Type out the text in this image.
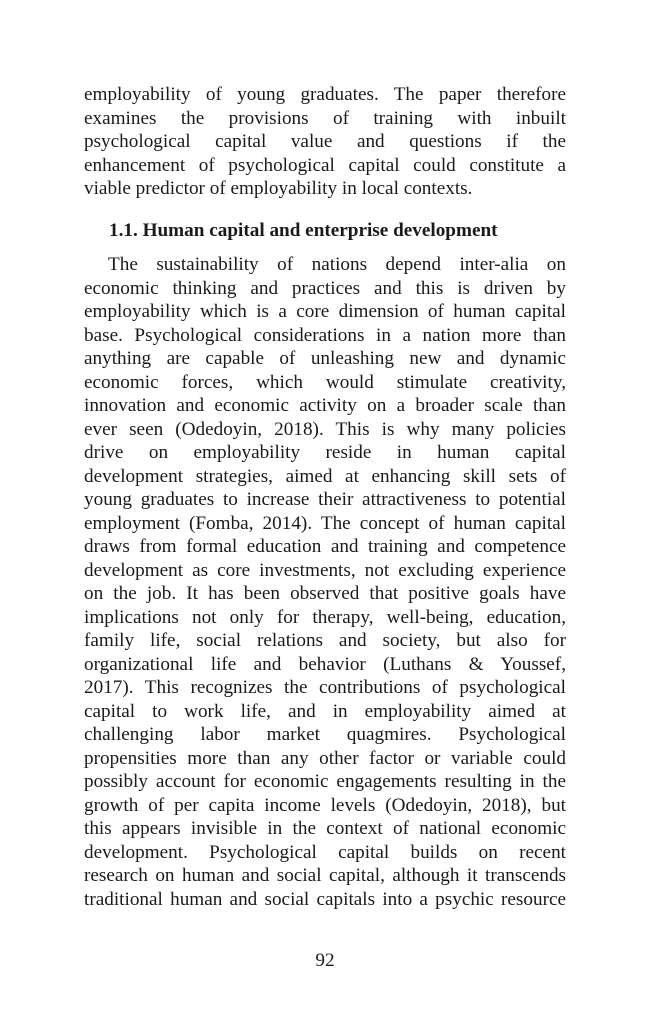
employability of young graduates. The paper therefore
examines the provisions of training with inbuilt
psychological capital value and questions if the
enhancement of psychological capital could constitute a
viable predictor of employability in local contexts.
1.1. Human capital and enterprise development
The sustainability of nations depend inter-alia on
economic thinking and practices and this is driven by
employability which is a core dimension of human capital
base. Psychological considerations in a nation more than
anything are capable of unleashing new and dynamic
economic forces, which would stimulate creativity,
innovation and economic activity on a broader scale than
ever seen (Odedoyin, 2018). This is why many policies
drive on employability reside in human capital
development strategies, aimed at enhancing skill sets of
young graduates to increase their attractiveness to potential
employment (Fomba, 2014). The concept of human capital
draws from formal education and training and competence
development as core investments, not excluding experience
on the job. It has been observed that positive goals have
implications not only for therapy, well-being, education,
family life, social relations and society, but also for
organizational life and behavior (Luthans & Youssef,
2017). This recognizes the contributions of psychological
capital to work life, and in employability aimed at
challenging labor market quagmires. Psychological
propensities more than any other factor or variable could
possibly account for economic engagements resulting in the
growth of per capita income levels (Odedoyin, 2018), but
this appears invisible in the context of national economic
development. Psychological capital builds on recent
research on human and social capital, although it transcends
traditional human and social capitals into a psychic resource
92
